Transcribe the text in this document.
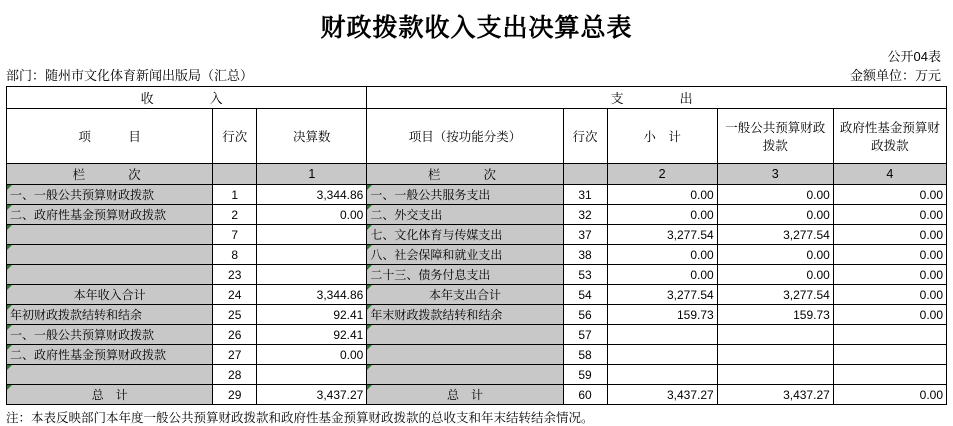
财政拨款收入支出决算总表
公开04表
部门：随州市文化体育新闻出版局（汇总）	金额单位：万元
收　　入			支　　出				
项　　　目	行次	决算数	项目（按功能分类）	行次	小　计	一般公共预算财政拨款	政府性基金预算财政拨款
栏　　次		1	栏　　次		2	3	4
一、一般公共预算财政拨款	1	3,344.86	一、一般公共服务支出	31	0.00	0.00	0.00
二、政府性基金预算财政拨款	2	0.00	二、外交支出	32	0.00	0.00	0.00
	7		七、文化体育与传媒支出	37	3,277.54	3,277.54	0.00
	8		八、社会保障和就业支出	38	0.00	0.00	0.00
	23		二十三、债务付息支出	53	0.00	0.00	0.00
本年收入合计	24	3,344.86	本年支出合计	54	3,277.54	3,277.54	0.00
年初财政拨款结转和结余	25	92.41	年末财政拨款结转和结余	56	159.73	159.73	0.00
一、一般公共预算财政拨款	26	92.41		57			
二、政府性基金预算财政拨款	27	0.00		58			
	28			59			
总　计	29	3,437.27	总　计	60	3,437.27	3,437.27	0.00
注：本表反映部门本年度一般公共预算财政拨款和政府性基金预算财政拨款的总收支和年末结转结余情况。
